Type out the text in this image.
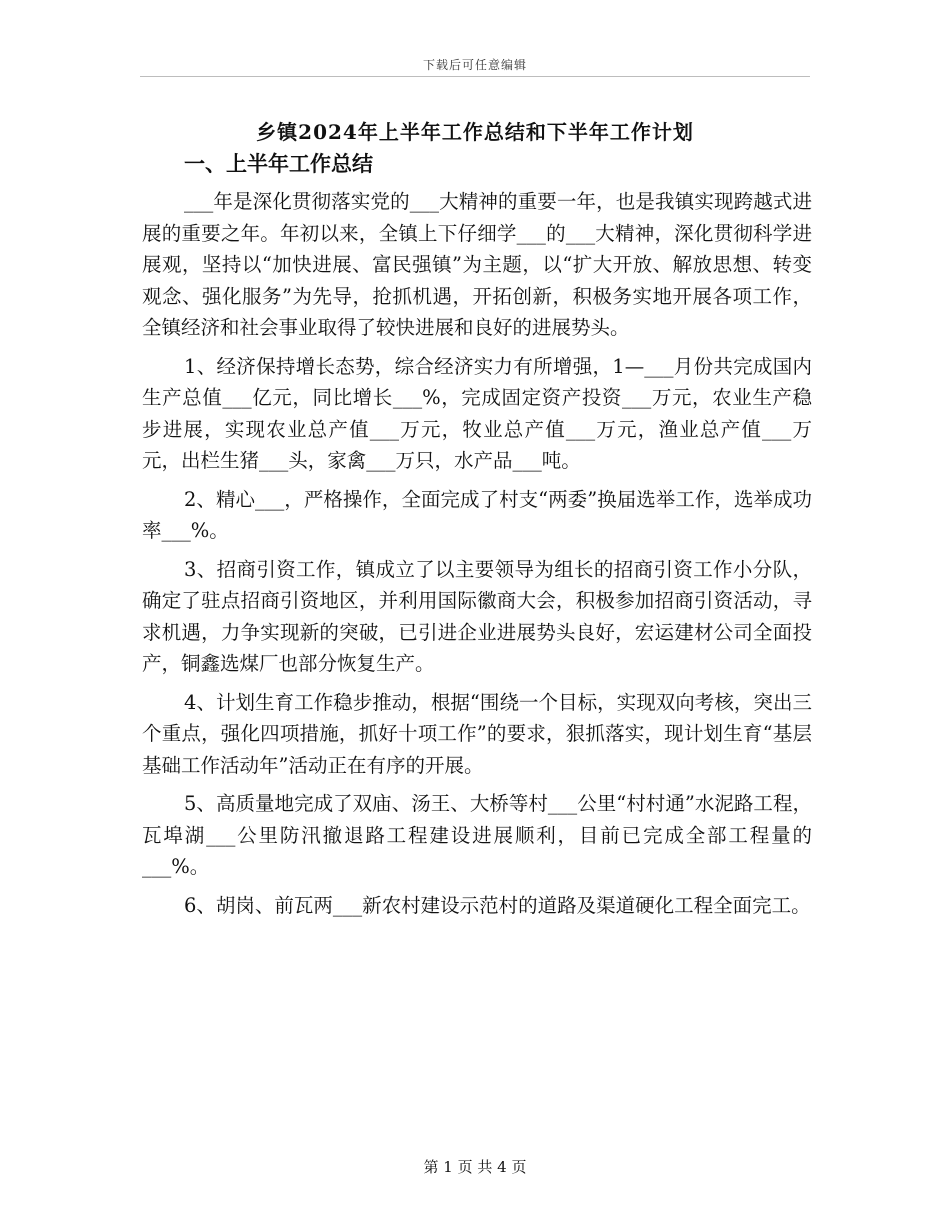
下载后可任意编辑
乡镇2024年上半年工作总结和下半年工作计划
一、上半年工作总结

___年是深化贯彻落实党的___大精神的重要一年，也是我镇实现跨越式进展的重要之年。年初以来，全镇上下仔细学___的___大精神，深化贯彻科学进展观，坚持以“加快进展、富民强镇”为主题，以“扩大开放、解放思想、转变观念、强化服务”为先导，抢抓机遇，开拓创新，积极务实地开展各项工作，全镇经济和社会事业取得了较快进展和良好的进展势头。

1、经济保持增长态势，综合经济实力有所增强，1—___月份共完成国内生产总值___亿元，同比增长___%，完成固定资产投资___万元，农业生产稳步进展，实现农业总产值___万元，牧业总产值___万元，渔业总产值___万元，出栏生猪___头，家禽___万只，水产品___吨。

2、精心___，严格操作，全面完成了村支“两委”换届选举工作，选举成功率___%。

3、招商引资工作，镇成立了以主要领导为组长的招商引资工作小分队，确定了驻点招商引资地区，并利用国际徽商大会，积极参加招商引资活动，寻求机遇，力争实现新的突破，已引进企业进展势头良好，宏运建材公司全面投产，铜鑫选煤厂也部分恢复生产。

4、计划生育工作稳步推动，根据“围绕一个目标，实现双向考核，突出三个重点，强化四项措施，抓好十项工作”的要求，狠抓落实，现计划生育“基层基础工作活动年”活动正在有序的开展。

5、高质量地完成了双庙、汤王、大桥等村___公里“村村通”水泥路工程，瓦埠湖___公里防汛撤退路工程建设进展顺利，目前已完成全部工程量的___%。

6、胡岗、前瓦两___新农村建设示范村的道路及渠道硬化工程全面完工。

第 1 页 共 4 页
